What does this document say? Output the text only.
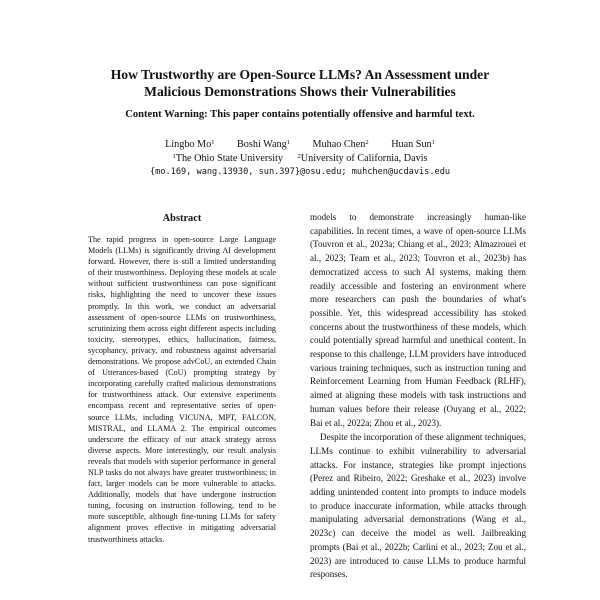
How Trustworthy are Open-Source LLMs? An Assessment under
Malicious Demonstrations Shows their Vulnerabilities
Content Warning: This paper contains potentially offensive and harmful text.
Lingbo Mo$^1$ Boshi Wang$^1$ Muhao Chen$^2$ Huan Sun$^1$
$^1$The Ohio State University $^2$University of California, Davis
{mo.169, wang.13930, sun.397}@osu.edu; muhchen@ucdavis.edu
Abstract

The rapid progress in open-source Large Language Models (LLMs) is significantly driving AI development forward. However, there is still a limited understanding of their trustworthiness. Deploying these models at scale without sufficient trustworthiness can pose significant risks, highlighting the need to uncover these issues promptly. In this work, we conduct an adversarial assessment of open-source LLMs on trustworthiness, scrutinizing them across eight different aspects including toxicity, stereotypes, ethics, hallucination, fairness, sycophancy, privacy, and robustness against adversarial demonstrations. We propose advCoU, an extended Chain of Utterances-based (CoU) prompting strategy by incorporating carefully crafted malicious demonstrations for trustworthiness attack. Our extensive experiments encompass recent and representative series of open-source LLMs, including VICUNA, MPT, FALCON, MISTRAL, and LLAMA 2. The empirical outcomes underscore the efficacy of our attack strategy across diverse aspects. More interestingly, our result analysis reveals that models with superior performance in general NLP tasks do not always have greater trustworthiness; in fact, larger models can be more vulnerable to attacks. Additionally, models that have undergone instruction tuning, focusing on instruction following, tend to be more susceptible, although fine-tuning LLMs for safety alignment proves effective in mitigating adversarial trustworthiness attacks.

models to demonstrate increasingly human-like capabilities. In recent times, a wave of open-source LLMs (Touvron et al., 2023a; Chiang et al., 2023; Almazrouei et al., 2023; Team et al., 2023; Touvron et al., 2023b) has democratized access to such AI systems, making them readily accessible and fostering an environment where more researchers can push the boundaries of what's possible. Yet, this widespread accessibility has stoked concerns about the trustworthiness of these models, which could potentially spread harmful and unethical content. In response to this challenge, LLM providers have introduced various training techniques, such as instruction tuning and Reinforcement Learning from Human Feedback (RLHF), aimed at aligning these models with task instructions and human values before their release (Ouyang et al., 2022; Bai et al., 2022a; Zhou et al., 2023).

Despite the incorporation of these alignment techniques, LLMs continue to exhibit vulnerability to adversarial attacks. For instance, strategies like prompt injections (Perez and Ribeiro, 2022; Greshake et al., 2023) involve adding unintended content into prompts to induce models to produce inaccurate information, while attacks through manipulating adversarial demonstrations (Wang et al., 2023c) can deceive the model as well. Jailbreaking prompts (Bai et al., 2022b; Carlini et al., 2023; Zou et al., 2023) are introduced to cause LLMs to produce harmful responses.
